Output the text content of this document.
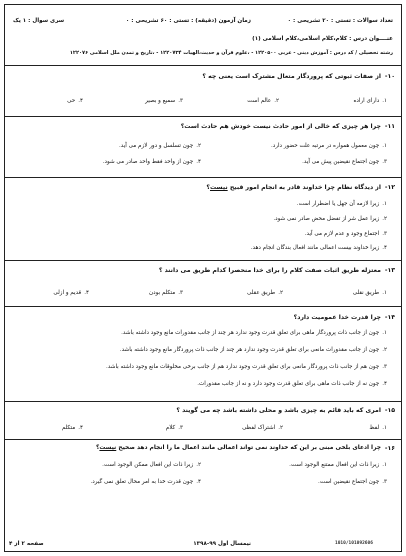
تعداد سوالات : تستی : ۲۰ تشریحی : ۰
زمان آزمون (دقیقه) : تستی : ۶۰ تشریحی : ۰
سری سوال : ۱ یک
عنــــوان درس : کلام،کلام اسلامی،کلام اسلامی (۱)
رشته تحصیلی / کد درس : آموزش دینی - عربی ۱۲۲۰۵۰۰ - ،علوم قرآن و حدیث،الهیات ۱۲۲۰۷۳۴ - ،تاریخ و تمدن ملل اسلامی ۱۲۲۰۷۶
۱۰-
از صفات ثبوتی که پروردگار متعال مشترک است یعنی چه ؟
۱.دارای اراده
۲.عالم است
۳.سمیع و بصیر
۴.حی
۱۱-
چرا هر چیزی که خالی از امور حادث نیست خودش هم حادث است؟
۱.چون معمول همواره در مرتبه علت حضور دارد.
۲.چون تسلسل و دور لازم می آید.
۳.چون اجتماع نقیضین پیش می آید.
۴.چون از واحد فقط واحد صادر می شود.
۱۲-
از دیدگاه نظام چرا خداوند قادر به انجام امور قبیح نیست؟
۱.زیرا لازمه آن جهل یا اضطرار است.
۲.زیرا عمل شر از تفضل محض صادر نمی شود.
۳.اجتماع وجود و عدم لازم می آید.
۴.زیرا خداوند بیست اعمالی مانند افعال بندگان انجام دهد.
۱۳-
معتزله طریق اثبات صفت کلام را برای خدا منحصرا کدام طریق می دانند ؟
۱.طریق نقلی
۲.طریق عقلی
۳.متکلم بودن
۴.قدیم و ازلی
۱۴-
چرا قدرت خدا عمومیت دارد؟
۱.چون از جانب ذات پروردگار ماهی برای تعلق قدرت وجود ندارد هر چند از جانب مقدورات مانع وجود داشته باشد.
۲.چون از جانب مقدورات مانعی برای تعلق قدرت وجود ندارد هر چند از جانب ذات پروردگار مانع وجود داشته باشد.
۳.چون هم از جانب ذات پروردگار مانعی برای تعلق قدرت وجود ندارد هم از جانب برخی مخلوقات مانع وجود داشته باشد.
۴.چون نه از جانب ذات ماهی برای تعلق قدرت وجود دارد و نه از جانب مقدورات.
۱۵-
امری که باید قائم به چیزی باشد و محلی داشته باشد چه می گویند ؟
۱.لفظ
۲.اشتراک لفظی
۳.کلام
۴.متکلم
۱۶-
چرا ادعای بلخی مبنی بر این که خداوند نمی تواند اعمالی مانند اعمال ما را انجام دهد صحیح نیست؟
۱.زیرا ذات این افعال ممتنع الوجود است.
۲.زیرا ذات این افعال ممکن الوجود است.
۳.چون اجتماع نقیضین است.
۴.چون قدرت خدا به امر محال تعلق نمی گیرد.
نیمسال اول ۹۹-۱۳۹۸
صفحه ۲ از ۴	1010/101092606
